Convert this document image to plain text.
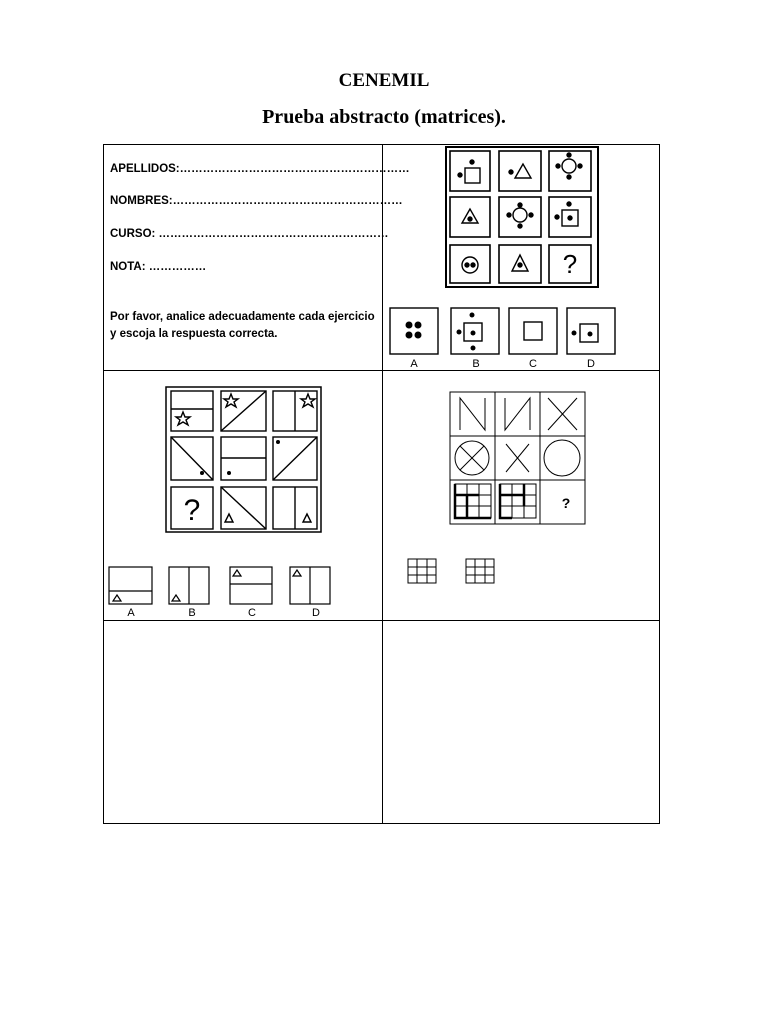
CENEMIL
Prueba abstracto (matrices).
APELLIDOS:……………………………………………………
NOMBRES:……………………………………………………
CURSO: ……………………………………………………
NOTA: ……………
Por favor, analice adecuadamente cada ejercicio y escoja la respuesta correcta.
?
A	B	C	D
?
A	B	C	D
?
